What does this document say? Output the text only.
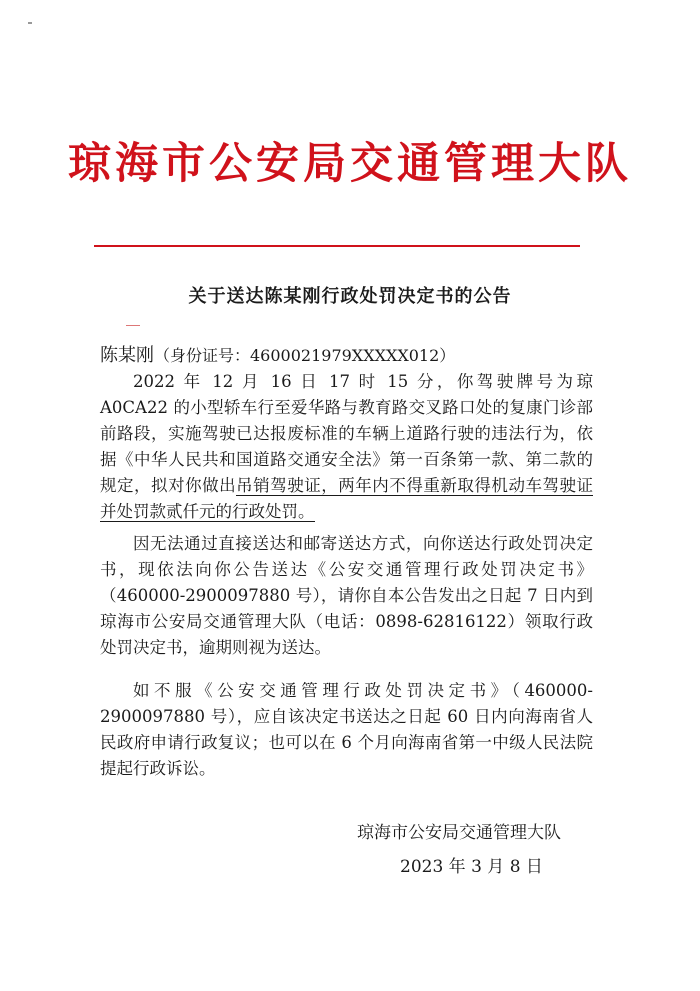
琼海市公安局交通管理大队
关于送达陈某刚行政处罚决定书的公告

陈某刚（身份证号：4600021979XXXXX012）

2022 年 12 月 16 日 17 时 15 分，你驾驶牌号为琼 A0CA22 的小型轿车行至爱华路与教育路交叉路口处的复康门诊部前路段，实施驾驶已达报废标准的车辆上道路行驶的违法行为，依据《中华人民共和国道路交通安全法》第一百条第一款、第二款的规定，拟对你做出吊销驾驶证，两年内不得重新取得机动车驾驶证并处罚款贰仟元的行政处罚。

因无法通过直接送达和邮寄送达方式，向你送达行政处罚决定书，现依法向你公告送达《公安交通管理行政处罚决定书》（460000-2900097880 号），请你自本公告发出之日起 7 日内到琼海市公安局交通管理大队（电话：0898-62816122）领取行政处罚决定书，逾期则视为送达。

如不服《公安交通管理行政处罚决定书》（460000-2900097880 号），应自该决定书送达之日起 60 日内向海南省人民政府申请行政复议；也可以在 6 个月向海南省第一中级人民法院提起行政诉讼。

琼海市公安局交通管理大队
2023 年 3 月 8 日
